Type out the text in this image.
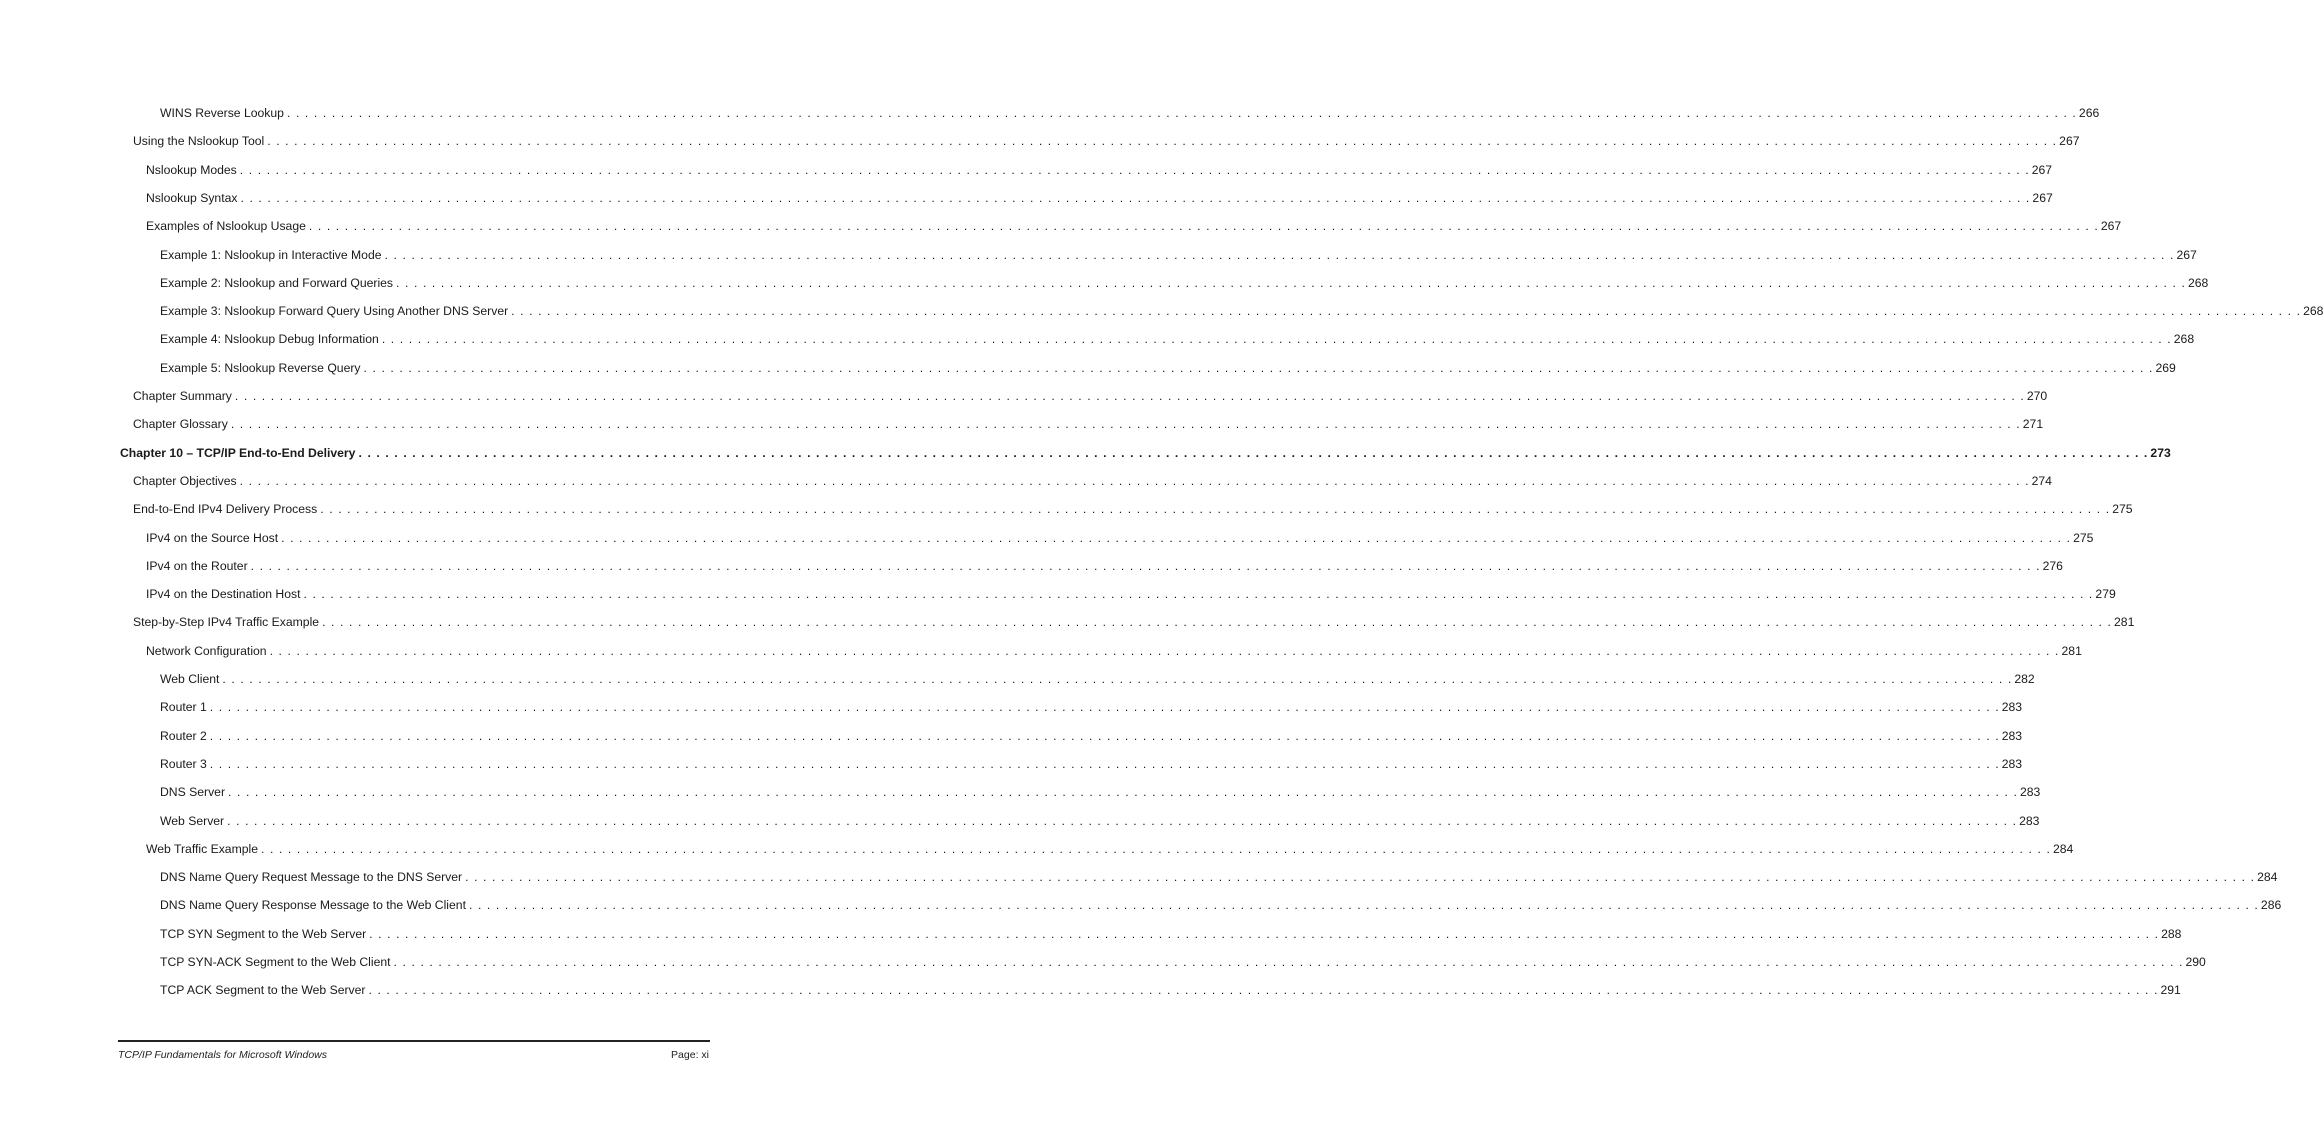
WINS Reverse Lookup . . . . . . . . . . . . . . . . . . . . . . . . . . . . . . . . . . . . . . . . . . . . . . . . . . . . . . . . . . . . . . . . . . . . . . . . . . . . . . . . . . . . . . . . . . . . . . . . . . . . . . . . . . . . . . . . . . . . . . . . . . . . . . . . . . . . . . . . . . . . . . . . . . . . . . . . . . . . . . . . . . . . . . . . . . . . . . . . . . . . . . . . . . . . . . . . . . . . . . . . 266
Using the Nslookup Tool . . . . . . . . . . . . . . . . . . . . . . . . . . . . . . . . . . . . . . . . . . . . . . . . . . . . . . . . . . . . . . . . . . . . . . . . . . . . . . . . . . . . . . . . . . . . . . . . . . . . . . . . . . . . . . . . . . . . . . . . . . . . . . . . . . . . . . . . . . . . . . . . . . . . . . . . . . . . . . . . . . . . . . . . . . . . . . . . . . . . . . . . . . . . . . . . . . . . . . . . 267
Nslookup Modes . . . . . . . . . . . . . . . . . . . . . . . . . . . . . . . . . . . . . . . . . . . . . . . . . . . . . . . . . . . . . . . . . . . . . . . . . . . . . . . . . . . . . . . . . . . . . . . . . . . . . . . . . . . . . . . . . . . . . . . . . . . . . . . . . . . . . . . . . . . . . . . . . . . . . . . . . . . . . . . . . . . . . . . . . . . . . . . . . . . . . . . . . . . . . . . . . . . . . . . . 267
Nslookup Syntax . . . . . . . . . . . . . . . . . . . . . . . . . . . . . . . . . . . . . . . . . . . . . . . . . . . . . . . . . . . . . . . . . . . . . . . . . . . . . . . . . . . . . . . . . . . . . . . . . . . . . . . . . . . . . . . . . . . . . . . . . . . . . . . . . . . . . . . . . . . . . . . . . . . . . . . . . . . . . . . . . . . . . . . . . . . . . . . . . . . . . . . . . . . . . . . . . . . . . . . . 267
Examples of Nslookup Usage . . . . . . . . . . . . . . . . . . . . . . . . . . . . . . . . . . . . . . . . . . . . . . . . . . . . . . . . . . . . . . . . . . . . . . . . . . . . . . . . . . . . . . . . . . . . . . . . . . . . . . . . . . . . . . . . . . . . . . . . . . . . . . . . . . . . . . . . . . . . . . . . . . . . . . . . . . . . . . . . . . . . . . . . . . . . . . . . . . . . . . . . . . . . . . . . . . . . . . . . 267
Example 1: Nslookup in Interactive Mode . . . . . . . . . . . . . . . . . . . . . . . . . . . . . . . . . . . . . . . . . . . . . . . . . . . . . . . . . . . . . . . . . . . . . . . . . . . . . . . . . . . . . . . . . . . . . . . . . . . . . . . . . . . . . . . . . . . . . . . . . . . . . . . . . . . . . . . . . . . . . . . . . . . . . . . . . . . . . . . . . . . . . . . . . . . . . . . . . . . . . . . . . . . . . . . . . . . . . . . . 267
Example 2: Nslookup and Forward Queries . . . . . . . . . . . . . . . . . . . . . . . . . . . . . . . . . . . . . . . . . . . . . . . . . . . . . . . . . . . . . . . . . . . . . . . . . . . . . . . . . . . . . . . . . . . . . . . . . . . . . . . . . . . . . . . . . . . . . . . . . . . . . . . . . . . . . . . . . . . . . . . . . . . . . . . . . . . . . . . . . . . . . . . . . . . . . . . . . . . . . . . . . . . . . . . . . . . . . . . . 268
Example 3: Nslookup Forward Query Using Another DNS Server . . . . . . . . . . . . . . . . . . . . . . . . . . . . . . . . . . . . . . . . . . . . . . . . . . . . . . . . . . . . . . . . . . . . . . . . . . . . . . . . . . . . . . . . . . . . . . . . . . . . . . . . . . . . . . . . . . . . . . . . . . . . . . . . . . . . . . . . . . . . . . . . . . . . . . . . . . . . . . . . . . . . . . . . . . . . . . . . . . . . . . . . . . . . . . . . . . . . . . . . 268
Example 4: Nslookup Debug Information . . . . . . . . . . . . . . . . . . . . . . . . . . . . . . . . . . . . . . . . . . . . . . . . . . . . . . . . . . . . . . . . . . . . . . . . . . . . . . . . . . . . . . . . . . . . . . . . . . . . . . . . . . . . . . . . . . . . . . . . . . . . . . . . . . . . . . . . . . . . . . . . . . . . . . . . . . . . . . . . . . . . . . . . . . . . . . . . . . . . . . . . . . . . . . . . . . . . . . . . 268
Example 5: Nslookup Reverse Query . . . . . . . . . . . . . . . . . . . . . . . . . . . . . . . . . . . . . . . . . . . . . . . . . . . . . . . . . . . . . . . . . . . . . . . . . . . . . . . . . . . . . . . . . . . . . . . . . . . . . . . . . . . . . . . . . . . . . . . . . . . . . . . . . . . . . . . . . . . . . . . . . . . . . . . . . . . . . . . . . . . . . . . . . . . . . . . . . . . . . . . . . . . . . . . . . . . . . . . . 269
Chapter Summary . . . . . . . . . . . . . . . . . . . . . . . . . . . . . . . . . . . . . . . . . . . . . . . . . . . . . . . . . . . . . . . . . . . . . . . . . . . . . . . . . . . . . . . . . . . . . . . . . . . . . . . . . . . . . . . . . . . . . . . . . . . . . . . . . . . . . . . . . . . . . . . . . . . . . . . . . . . . . . . . . . . . . . . . . . . . . . . . . . . . . . . . . . . . . . . . . . . . . . . . 270
Chapter Glossary . . . . . . . . . . . . . . . . . . . . . . . . . . . . . . . . . . . . . . . . . . . . . . . . . . . . . . . . . . . . . . . . . . . . . . . . . . . . . . . . . . . . . . . . . . . . . . . . . . . . . . . . . . . . . . . . . . . . . . . . . . . . . . . . . . . . . . . . . . . . . . . . . . . . . . . . . . . . . . . . . . . . . . . . . . . . . . . . . . . . . . . . . . . . . . . . . . . . . . . . 271
Chapter 10 – TCP/IP End-to-End Delivery . . . . . . . . . . . . . . . . . . . . . . . . . . . . . . . . . . . . . . . . . . . . . . . . . . . . . . . . . . . . . . . . . . . . . . . . . . . . . . . . . . . . . . . . . . . . . . . . . . . . . . . . . . . . . . . . . . . . . . . . . . . . . . . . . . . . . . . . . . . . . . . . . . . . . . . . . . . . . . . . . . . . . . . . . . . . . . . . . . . . . . . . . . . . . . . . . . . . . . . . 273
Chapter Objectives . . . . . . . . . . . . . . . . . . . . . . . . . . . . . . . . . . . . . . . . . . . . . . . . . . . . . . . . . . . . . . . . . . . . . . . . . . . . . . . . . . . . . . . . . . . . . . . . . . . . . . . . . . . . . . . . . . . . . . . . . . . . . . . . . . . . . . . . . . . . . . . . . . . . . . . . . . . . . . . . . . . . . . . . . . . . . . . . . . . . . . . . . . . . . . . . . . . . . . . . 274
End-to-End IPv4 Delivery Process . . . . . . . . . . . . . . . . . . . . . . . . . . . . . . . . . . . . . . . . . . . . . . . . . . . . . . . . . . . . . . . . . . . . . . . . . . . . . . . . . . . . . . . . . . . . . . . . . . . . . . . . . . . . . . . . . . . . . . . . . . . . . . . . . . . . . . . . . . . . . . . . . . . . . . . . . . . . . . . . . . . . . . . . . . . . . . . . . . . . . . . . . . . . . . . . . . . . . . . . 275
IPv4 on the Source Host . . . . . . . . . . . . . . . . . . . . . . . . . . . . . . . . . . . . . . . . . . . . . . . . . . . . . . . . . . . . . . . . . . . . . . . . . . . . . . . . . . . . . . . . . . . . . . . . . . . . . . . . . . . . . . . . . . . . . . . . . . . . . . . . . . . . . . . . . . . . . . . . . . . . . . . . . . . . . . . . . . . . . . . . . . . . . . . . . . . . . . . . . . . . . . . . . . . . . . . . 275
IPv4 on the Router . . . . . . . . . . . . . . . . . . . . . . . . . . . . . . . . . . . . . . . . . . . . . . . . . . . . . . . . . . . . . . . . . . . . . . . . . . . . . . . . . . . . . . . . . . . . . . . . . . . . . . . . . . . . . . . . . . . . . . . . . . . . . . . . . . . . . . . . . . . . . . . . . . . . . . . . . . . . . . . . . . . . . . . . . . . . . . . . . . . . . . . . . . . . . . . . . . . . . . . . 276
IPv4 on the Destination Host . . . . . . . . . . . . . . . . . . . . . . . . . . . . . . . . . . . . . . . . . . . . . . . . . . . . . . . . . . . . . . . . . . . . . . . . . . . . . . . . . . . . . . . . . . . . . . . . . . . . . . . . . . . . . . . . . . . . . . . . . . . . . . . . . . . . . . . . . . . . . . . . . . . . . . . . . . . . . . . . . . . . . . . . . . . . . . . . . . . . . . . . . . . . . . . . . . . . . . . . 279
Step-by-Step IPv4 Traffic Example . . . . . . . . . . . . . . . . . . . . . . . . . . . . . . . . . . . . . . . . . . . . . . . . . . . . . . . . . . . . . . . . . . . . . . . . . . . . . . . . . . . . . . . . . . . . . . . . . . . . . . . . . . . . . . . . . . . . . . . . . . . . . . . . . . . . . . . . . . . . . . . . . . . . . . . . . . . . . . . . . . . . . . . . . . . . . . . . . . . . . . . . . . . . . . . . . . . . . . . . 281
Network Configuration . . . . . . . . . . . . . . . . . . . . . . . . . . . . . . . . . . . . . . . . . . . . . . . . . . . . . . . . . . . . . . . . . . . . . . . . . . . . . . . . . . . . . . . . . . . . . . . . . . . . . . . . . . . . . . . . . . . . . . . . . . . . . . . . . . . . . . . . . . . . . . . . . . . . . . . . . . . . . . . . . . . . . . . . . . . . . . . . . . . . . . . . . . . . . . . . . . . . . . . . 281
Web Client . . . . . . . . . . . . . . . . . . . . . . . . . . . . . . . . . . . . . . . . . . . . . . . . . . . . . . . . . . . . . . . . . . . . . . . . . . . . . . . . . . . . . . . . . . . . . . . . . . . . . . . . . . . . . . . . . . . . . . . . . . . . . . . . . . . . . . . . . . . . . . . . . . . . . . . . . . . . . . . . . . . . . . . . . . . . . . . . . . . . . . . . . . . . . . . . . . . . . . . . 282
Router 1 . . . . . . . . . . . . . . . . . . . . . . . . . . . . . . . . . . . . . . . . . . . . . . . . . . . . . . . . . . . . . . . . . . . . . . . . . . . . . . . . . . . . . . . . . . . . . . . . . . . . . . . . . . . . . . . . . . . . . . . . . . . . . . . . . . . . . . . . . . . . . . . . . . . . . . . . . . . . . . . . . . . . . . . . . . . . . . . . . . . . . . . . . . . . . . . . . . . . . . . . 283
Router 2 . . . . . . . . . . . . . . . . . . . . . . . . . . . . . . . . . . . . . . . . . . . . . . . . . . . . . . . . . . . . . . . . . . . . . . . . . . . . . . . . . . . . . . . . . . . . . . . . . . . . . . . . . . . . . . . . . . . . . . . . . . . . . . . . . . . . . . . . . . . . . . . . . . . . . . . . . . . . . . . . . . . . . . . . . . . . . . . . . . . . . . . . . . . . . . . . . . . . . . . . 283
Router 3 . . . . . . . . . . . . . . . . . . . . . . . . . . . . . . . . . . . . . . . . . . . . . . . . . . . . . . . . . . . . . . . . . . . . . . . . . . . . . . . . . . . . . . . . . . . . . . . . . . . . . . . . . . . . . . . . . . . . . . . . . . . . . . . . . . . . . . . . . . . . . . . . . . . . . . . . . . . . . . . . . . . . . . . . . . . . . . . . . . . . . . . . . . . . . . . . . . . . . . . . 283
DNS Server . . . . . . . . . . . . . . . . . . . . . . . . . . . . . . . . . . . . . . . . . . . . . . . . . . . . . . . . . . . . . . . . . . . . . . . . . . . . . . . . . . . . . . . . . . . . . . . . . . . . . . . . . . . . . . . . . . . . . . . . . . . . . . . . . . . . . . . . . . . . . . . . . . . . . . . . . . . . . . . . . . . . . . . . . . . . . . . . . . . . . . . . . . . . . . . . . . . . . . . . 283
Web Server . . . . . . . . . . . . . . . . . . . . . . . . . . . . . . . . . . . . . . . . . . . . . . . . . . . . . . . . . . . . . . . . . . . . . . . . . . . . . . . . . . . . . . . . . . . . . . . . . . . . . . . . . . . . . . . . . . . . . . . . . . . . . . . . . . . . . . . . . . . . . . . . . . . . . . . . . . . . . . . . . . . . . . . . . . . . . . . . . . . . . . . . . . . . . . . . . . . . . . . . 283
Web Traffic Example . . . . . . . . . . . . . . . . . . . . . . . . . . . . . . . . . . . . . . . . . . . . . . . . . . . . . . . . . . . . . . . . . . . . . . . . . . . . . . . . . . . . . . . . . . . . . . . . . . . . . . . . . . . . . . . . . . . . . . . . . . . . . . . . . . . . . . . . . . . . . . . . . . . . . . . . . . . . . . . . . . . . . . . . . . . . . . . . . . . . . . . . . . . . . . . . . . . . . . . . 284
DNS Name Query Request Message to the DNS Server . . . . . . . . . . . . . . . . . . . . . . . . . . . . . . . . . . . . . . . . . . . . . . . . . . . . . . . . . . . . . . . . . . . . . . . . . . . . . . . . . . . . . . . . . . . . . . . . . . . . . . . . . . . . . . . . . . . . . . . . . . . . . . . . . . . . . . . . . . . . . . . . . . . . . . . . . . . . . . . . . . . . . . . . . . . . . . . . . . . . . . . . . . . . . . . . . . . . . . . . 284
DNS Name Query Response Message to the Web Client . . . . . . . . . . . . . . . . . . . . . . . . . . . . . . . . . . . . . . . . . . . . . . . . . . . . . . . . . . . . . . . . . . . . . . . . . . . . . . . . . . . . . . . . . . . . . . . . . . . . . . . . . . . . . . . . . . . . . . . . . . . . . . . . . . . . . . . . . . . . . . . . . . . . . . . . . . . . . . . . . . . . . . . . . . . . . . . . . . . . . . . . . . . . . . . . . . . . . . . . 286
TCP SYN Segment to the Web Server . . . . . . . . . . . . . . . . . . . . . . . . . . . . . . . . . . . . . . . . . . . . . . . . . . . . . . . . . . . . . . . . . . . . . . . . . . . . . . . . . . . . . . . . . . . . . . . . . . . . . . . . . . . . . . . . . . . . . . . . . . . . . . . . . . . . . . . . . . . . . . . . . . . . . . . . . . . . . . . . . . . . . . . . . . . . . . . . . . . . . . . . . . . . . . . . . . . . . . . . 288
TCP SYN-ACK Segment to the Web Client . . . . . . . . . . . . . . . . . . . . . . . . . . . . . . . . . . . . . . . . . . . . . . . . . . . . . . . . . . . . . . . . . . . . . . . . . . . . . . . . . . . . . . . . . . . . . . . . . . . . . . . . . . . . . . . . . . . . . . . . . . . . . . . . . . . . . . . . . . . . . . . . . . . . . . . . . . . . . . . . . . . . . . . . . . . . . . . . . . . . . . . . . . . . . . . . . . . . . . . . 290
TCP ACK Segment to the Web Server . . . . . . . . . . . . . . . . . . . . . . . . . . . . . . . . . . . . . . . . . . . . . . . . . . . . . . . . . . . . . . . . . . . . . . . . . . . . . . . . . . . . . . . . . . . . . . . . . . . . . . . . . . . . . . . . . . . . . . . . . . . . . . . . . . . . . . . . . . . . . . . . . . . . . . . . . . . . . . . . . . . . . . . . . . . . . . . . . . . . . . . . . . . . . . . . . . . . . . . . 291
TCP/IP Fundamentals for Microsoft Windows	Page: xi
